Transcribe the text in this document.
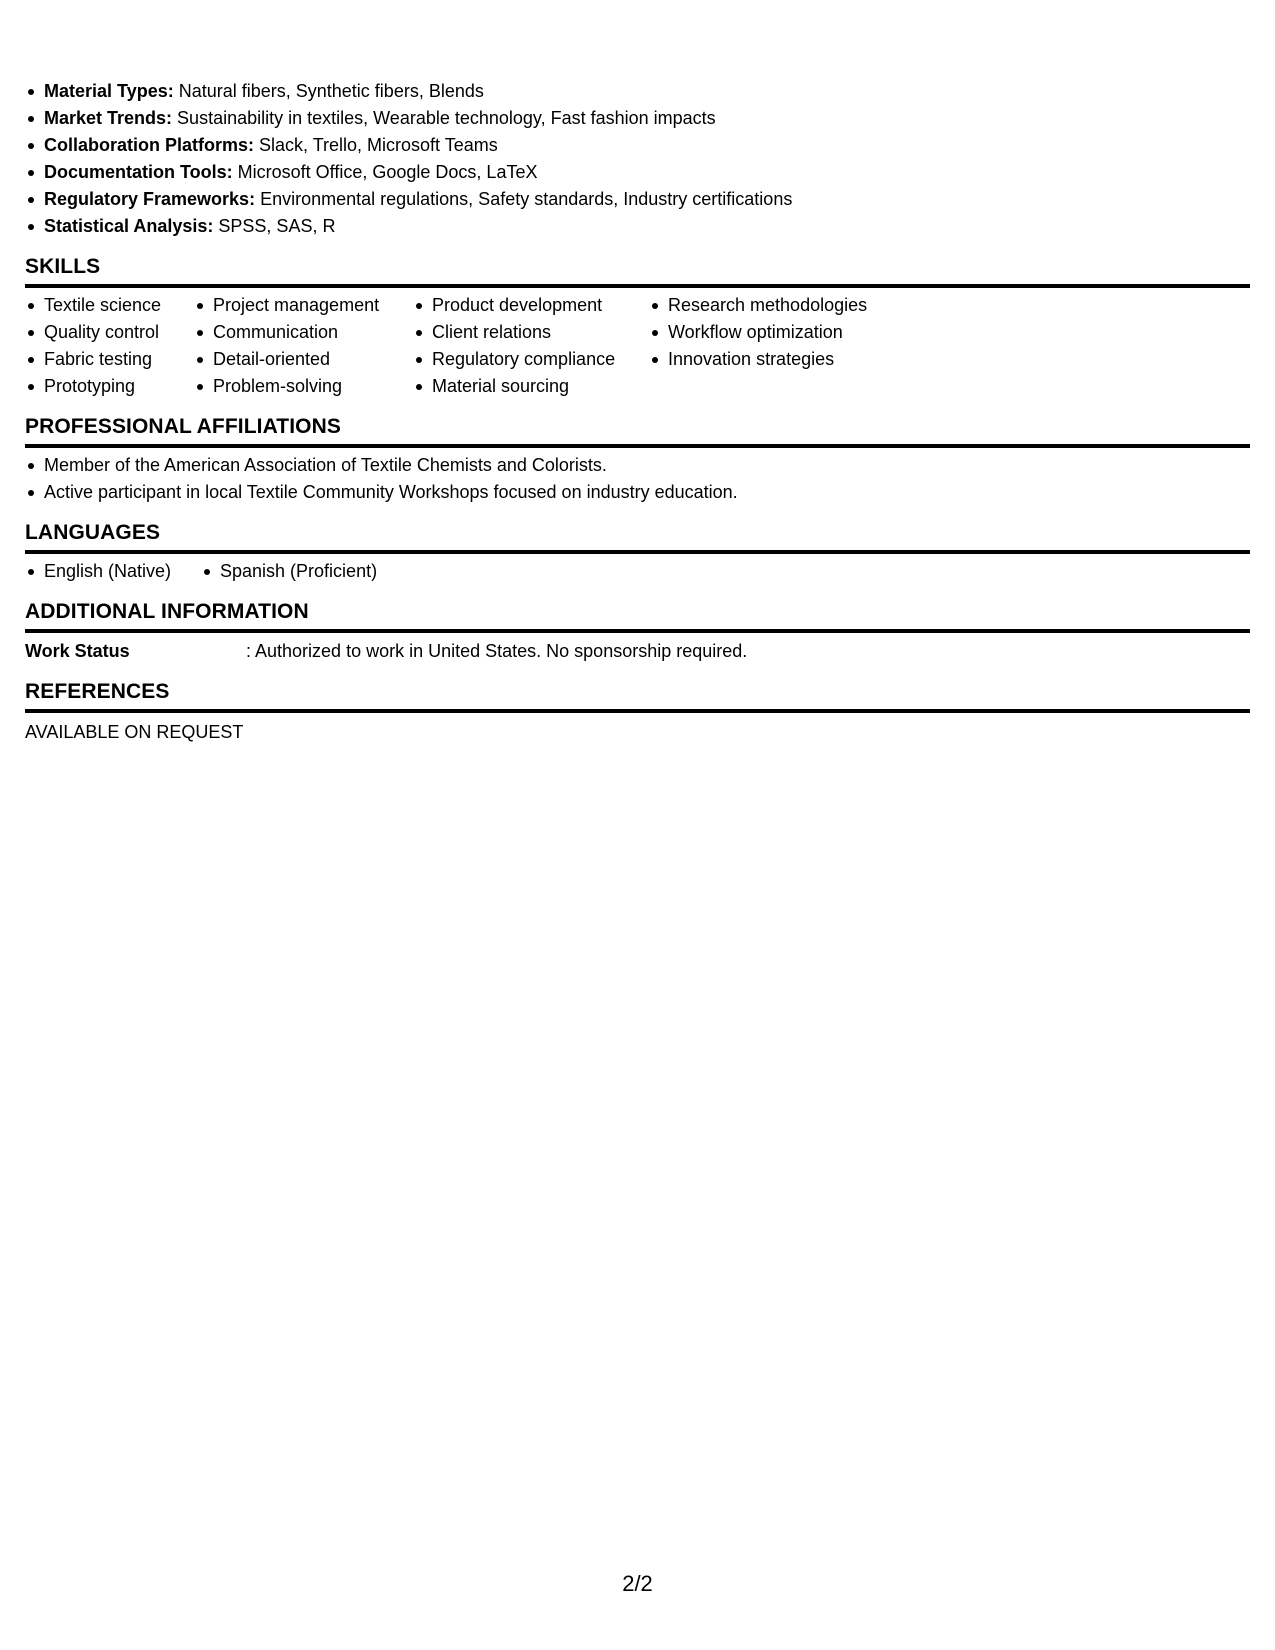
Material Types: Natural fibers, Synthetic fibers, Blends
Market Trends: Sustainability in textiles, Wearable technology, Fast fashion impacts
Collaboration Platforms: Slack, Trello, Microsoft Teams
Documentation Tools: Microsoft Office, Google Docs, LaTeX
Regulatory Frameworks: Environmental regulations, Safety standards, Industry certifications
Statistical Analysis: SPSS, SAS, R
SKILLS
Textile science
Quality control
Fabric testing
Prototyping
Project management
Communication
Detail-oriented
Problem-solving
Product development
Client relations
Regulatory compliance
Material sourcing
Research methodologies
Workflow optimization
Innovation strategies
PROFESSIONAL AFFILIATIONS
Member of the American Association of Textile Chemists and Colorists.
Active participant in local Textile Community Workshops focused on industry education.
LANGUAGES
English (Native)	Spanish (Proficient)
ADDITIONAL INFORMATION
Work Status	: Authorized to work in United States. No sponsorship required.
REFERENCES
AVAILABLE ON REQUEST
2/2
